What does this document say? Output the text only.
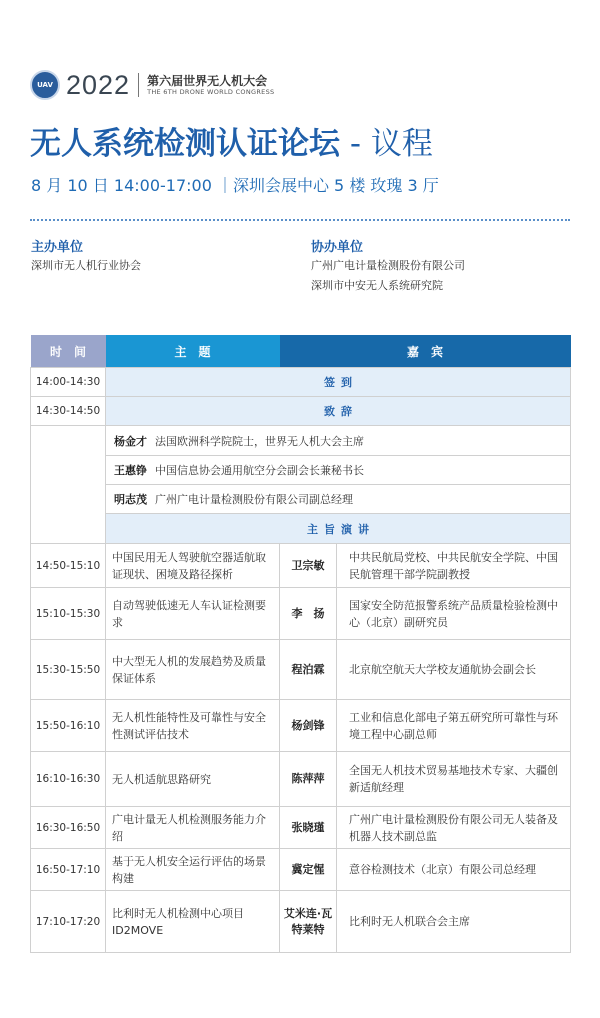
UAV 2022 第六届世界无人机大会
THE 6TH DRONE WORLD CONGRESS
无人系统检测认证论坛 - 议程
8 月 10 日 14:00-17:00 ｜深圳会展中心 5 楼 玫瑰 3 厅
主办单位
深圳市无人机行业协会
协办单位
广州广电计量检测股份有限公司
深圳市中安无人系统研究院
时间	主题	嘉宾	
14:00-14:30	签到		
14:30-14:50	致辞		
	杨金才 法国欧洲科学院院士，世界无人机大会主席		
	王惠铮 中国信息协会通用航空分会副会长兼秘书长		
	明志茂 广州广电计量检测股份有限公司副总经理		
	主旨演讲		
14:50-15:10	中国民用无人驾驶航空器适航取证现状、困境及路径探析	卫宗敏	中共民航局党校、中共民航安全学院、中国民航管理干部学院副教授
15:10-15:30	自动驾驶低速无人车认证检测要求	李　扬	国家安全防范报警系统产品质量检验检测中心（北京）副研究员
15:30-15:50	中大型无人机的发展趋势及质量保证体系	程泊霖	北京航空航天大学校友通航协会副会长
15:50-16:10	无人机性能特性及可靠性与安全性测试评估技术	杨剑锋	工业和信息化部电子第五研究所可靠性与环境工程中心副总师
16:10-16:30	无人机适航思路研究	陈萍萍	全国无人机技术贸易基地技术专家、大疆创新适航经理
16:30-16:50	广电计量无人机检测服务能力介绍	张晓瑾	广州广电计量检测股份有限公司无人装备及机器人技术副总监
16:50-17:10	基于无人机安全运行评估的场景构建	冀定惺	意谷检测技术（北京）有限公司总经理
17:10-17:20	比利时无人机检测中心项目ID2MOVE	艾米连·瓦特莱特	比利时无人机联合会主席
